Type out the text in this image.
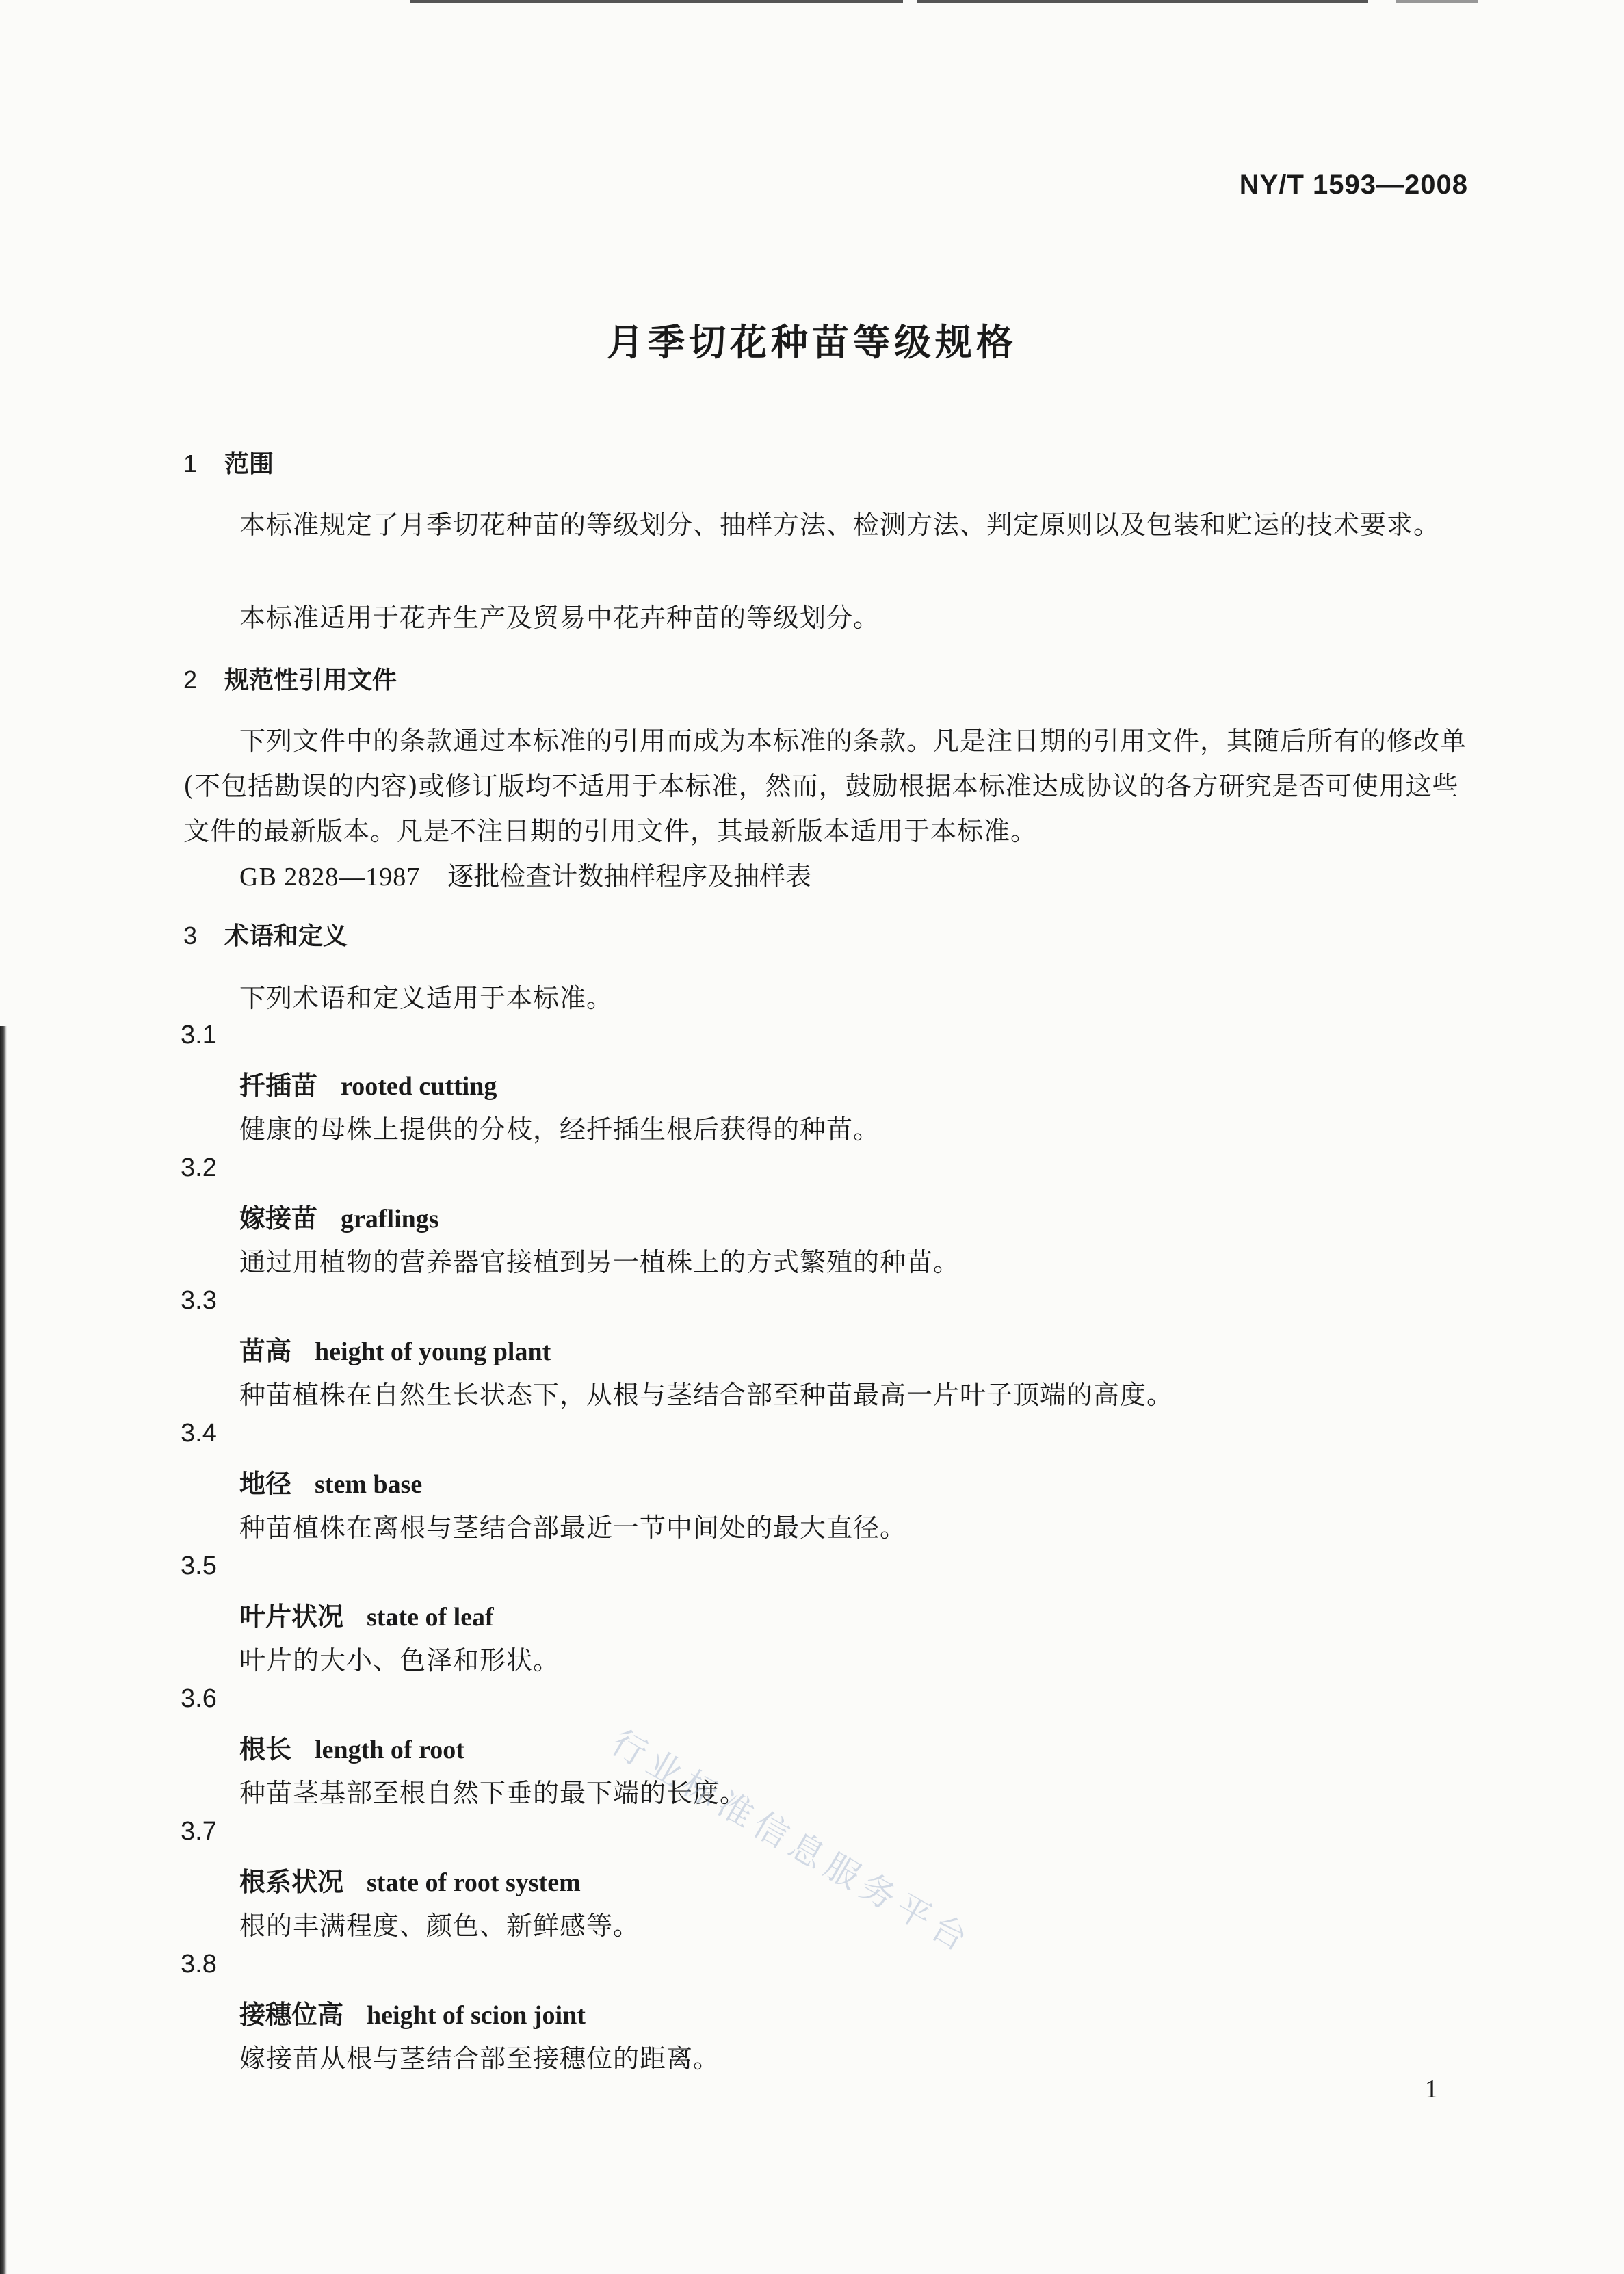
NY/T 1593—2008
月季切花种苗等级规格
1 范围

本标准规定了月季切花种苗的等级划分、抽样方法、检测方法、判定原则以及包装和贮运的技术要求。

本标准适用于花卉生产及贸易中花卉种苗的等级划分。
2 规范性引用文件

下列文件中的条款通过本标准的引用而成为本标准的条款。凡是注日期的引用文件，其随后所有的修改单(不包括勘误的内容)或修订版均不适用于本标准，然而，鼓励根据本标准达成协议的各方研究是否可使用这些文件的最新版本。凡是不注日期的引用文件，其最新版本适用于本标准。

GB 2828—1987 逐批检查计数抽样程序及抽样表
3 术语和定义
下列术语和定义适用于本标准。
3.1
扦插苗 rooted cutting
健康的母株上提供的分枝，经扦插生根后获得的种苗。
3.2
嫁接苗 graflings
通过用植物的营养器官接植到另一植株上的方式繁殖的种苗。
3.3
苗高 height of young plant
种苗植株在自然生长状态下，从根与茎结合部至种苗最高一片叶子顶端的高度。
3.4
地径 stem base
种苗植株在离根与茎结合部最近一节中间处的最大直径。
3.5
叶片状况 state of leaf
叶片的大小、色泽和形状。
3.6
根长 length of root
种苗茎基部至根自然下垂的最下端的长度。
3.7
根系状况 state of root system
根的丰满程度、颜色、新鲜感等。
3.8
接穗位高 height of scion joint
嫁接苗从根与茎结合部至接穗位的距离。
行业标准信息服务平台
1
